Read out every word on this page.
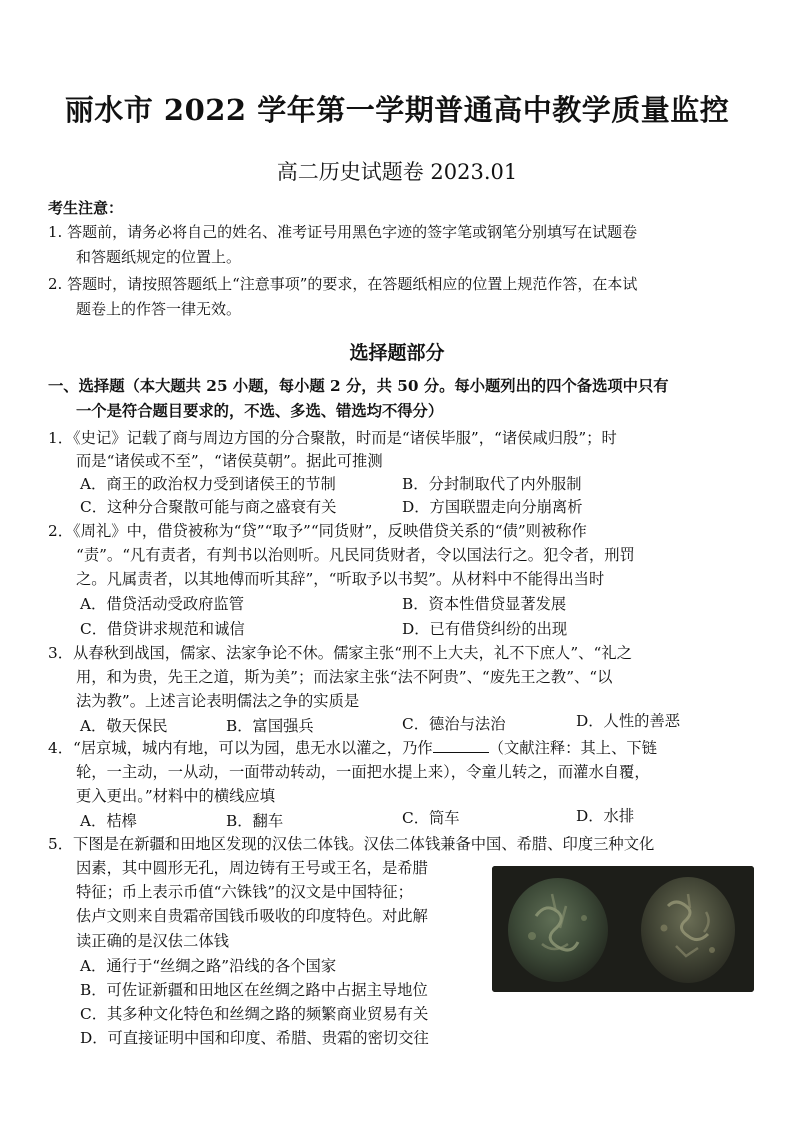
丽水市 2022 学年第一学期普通高中教学质量监控
高二历史试题卷 2023.01
考生注意：
1. 答题前，请务必将自己的姓名、准考证号用黑色字迹的签字笔或钢笔分别填写在试题卷
和答题纸规定的位置上。
2. 答题时，请按照答题纸上“注意事项”的要求，在答题纸相应的位置上规范作答，在本试
题卷上的作答一律无效。
选择题部分
一、选择题（本大题共 25 小题，每小题 2 分，共 50 分。每小题列出的四个备选项中只有
一个是符合题目要求的，不选、多选、错选均不得分）
1．《史记》记载了商与周边方国的分合聚散，时而是“诸侯毕服”，“诸侯咸归殷”；时
而是“诸侯或不至”，“诸侯莫朝”。据此可推测
A．商王的政治权力受到诸侯王的节制	B．分封制取代了内外服制
C．这种分合聚散可能与商之盛衰有关	D．方国联盟走向分崩离析
2．《周礼》中，借贷被称为“贷”“取予”“同货财”，反映借贷关系的“债”则被称作
“责”。“凡有责者，有判书以治则听。凡民同货财者，令以国法行之。犯令者，刑罚
之。凡属责者，以其地傅而听其辞”，“听取予以书契”。从材料中不能得出当时
A．借贷活动受政府监管	B．资本性借贷显著发展
C．借贷讲求规范和诚信	D．已有借贷纠纷的出现
3．从春秋到战国，儒家、法家争论不休。儒家主张“刑不上大夫，礼不下庶人”、“礼之
用，和为贵，先王之道，斯为美”；而法家主张“法不阿贵”、“废先王之教”、“以
法为教”。上述言论表明儒法之争的实质是
A．敬天保民	B．富国强兵	C．德治与法治	D．人性的善恶
4．“居京城，城内有地，可以为园，患无水以灌之，乃作	（文献注释：其上、下链
轮，一主动，一从动，一面带动转动，一面把水提上来），令童儿转之，而灌水自覆，
更入更出。”材料中的横线应填
A．桔槔	B．翻车	C．筒车	D．水排
5．下图是在新疆和田地区发现的汉佉二体钱。汉佉二体钱兼备中国、希腊、印度三种文化
因素，其中圆形无孔，周边铸有王号或王名，是希腊
特征；币上表示币值“六铢钱”的汉文是中国特征；
佉卢文则来自贵霜帝国钱币吸收的印度特色。对此解
读正确的是汉佉二体钱
A．通行于“丝绸之路”沿线的各个国家
B．可佐证新疆和田地区在丝绸之路中占据主导地位
C．其多种文化特色和丝绸之路的频繁商业贸易有关
D．可直接证明中国和印度、希腊、贵霜的密切交往
